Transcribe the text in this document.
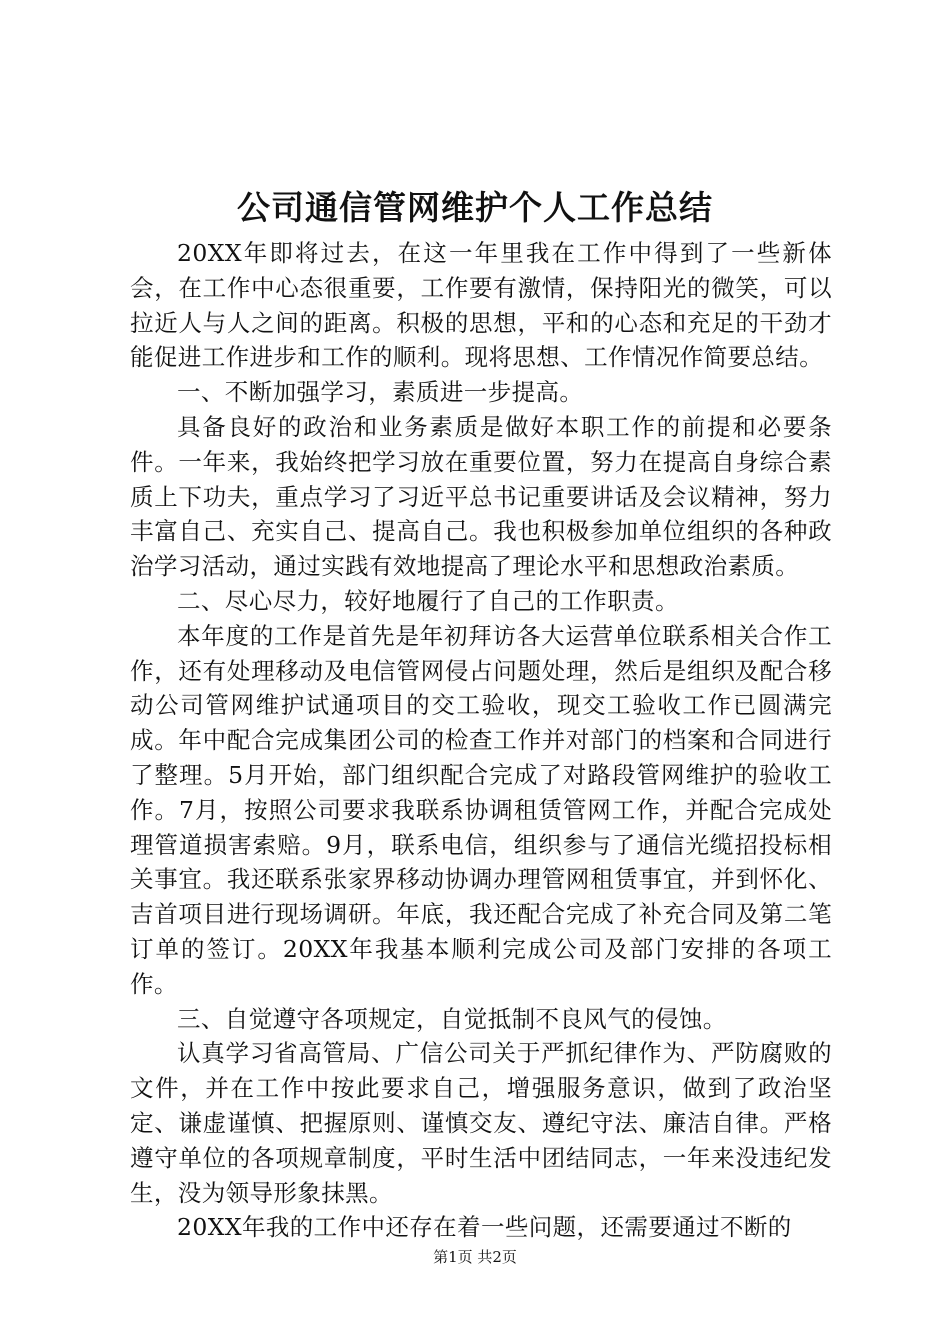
公司通信管网维护个人工作总结

20XX年即将过去，在这一年里我在工作中得到了一些新体会，在工作中心态很重要，工作要有激情，保持阳光的微笑，可以拉近人与人之间的距离。积极的思想，平和的心态和充足的干劲才能促进工作进步和工作的顺利。现将思想、工作情况作简要总结。

一、不断加强学习，素质进一步提高。

具备良好的政治和业务素质是做好本职工作的前提和必要条件。一年来，我始终把学习放在重要位置，努力在提高自身综合素质上下功夫，重点学习了习近平总书记重要讲话及会议精神，努力丰富自己、充实自己、提高自己。我也积极参加单位组织的各种政治学习活动，通过实践有效地提高了理论水平和思想政治素质。

二、尽心尽力，较好地履行了自己的工作职责。

本年度的工作是首先是年初拜访各大运营单位联系相关合作工作，还有处理移动及电信管网侵占问题处理，然后是组织及配合移动公司管网维护试通项目的交工验收，现交工验收工作已圆满完成。年中配合完成集团公司的检查工作并对部门的档案和合同进行了整理。5月开始，部门组织配合完成了对路段管网维护的验收工作。7月，按照公司要求我联系协调租赁管网工作，并配合完成处理管道损害索赔。9月，联系电信，组织参与了通信光缆招投标相关事宜。我还联系张家界移动协调办理管网租赁事宜，并到怀化、吉首项目进行现场调研。年底，我还配合完成了补充合同及第二笔订单的签订。20XX年我基本顺利完成公司及部门安排的各项工作。

三、自觉遵守各项规定，自觉抵制不良风气的侵蚀。

认真学习省高管局、广信公司关于严抓纪律作为、严防腐败的文件，并在工作中按此要求自己，增强服务意识，做到了政治坚定、谦虚谨慎、把握原则、谨慎交友、遵纪守法、廉洁自律。严格遵守单位的各项规章制度，平时生活中团结同志，一年来没违纪发生，没为领导形象抹黑。

20XX年我的工作中还存在着一些问题，还需要通过不断的

第1页 共2页
